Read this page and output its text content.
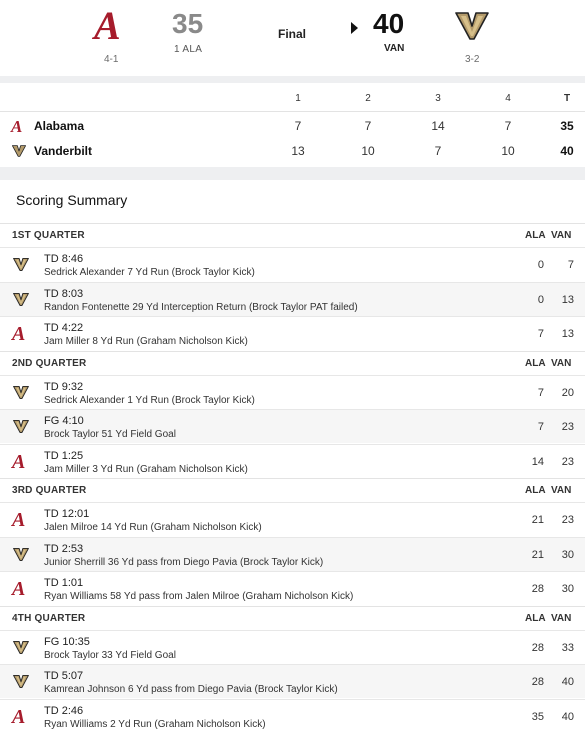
A
4-1
35
1 ALA
Final 40
VAN
3-2
1	2	3	4	T
A Alabama	7	7	14	7	35
Vanderbilt	13	10	7	10	40
Scoring Summary
1ST QUARTER	ALA VAN
TD 8:46
Sedrick Alexander 7 Yd Run (Brock Taylor Kick)
0	7
TD 8:03
Randon Fontenette 29 Yd Interception Return (Brock Taylor PAT failed)
0	13
A TD 4:22
Jam Miller 8 Yd Run (Graham Nicholson Kick)
7	13
2ND QUARTER	ALA VAN
TD 9:32
Sedrick Alexander 1 Yd Run (Brock Taylor Kick)
7	20
FG 4:10
Brock Taylor 51 Yd Field Goal
7	23
A TD 1:25
Jam Miller 3 Yd Run (Graham Nicholson Kick)
14	23
3RD QUARTER	ALA VAN
A TD 12:01
Jalen Milroe 14 Yd Run (Graham Nicholson Kick)
21	23
TD 2:53
Junior Sherrill 36 Yd pass from Diego Pavia (Brock Taylor Kick)
21	30
A TD 1:01
Ryan Williams 58 Yd pass from Jalen Milroe (Graham Nicholson Kick)
28	30
4TH QUARTER	ALA VAN
FG 10:35
Brock Taylor 33 Yd Field Goal
28	33
TD 5:07
Kamrean Johnson 6 Yd pass from Diego Pavia (Brock Taylor Kick)
28	40
A TD 2:46
Ryan Williams 2 Yd Run (Graham Nicholson Kick)
35	40
